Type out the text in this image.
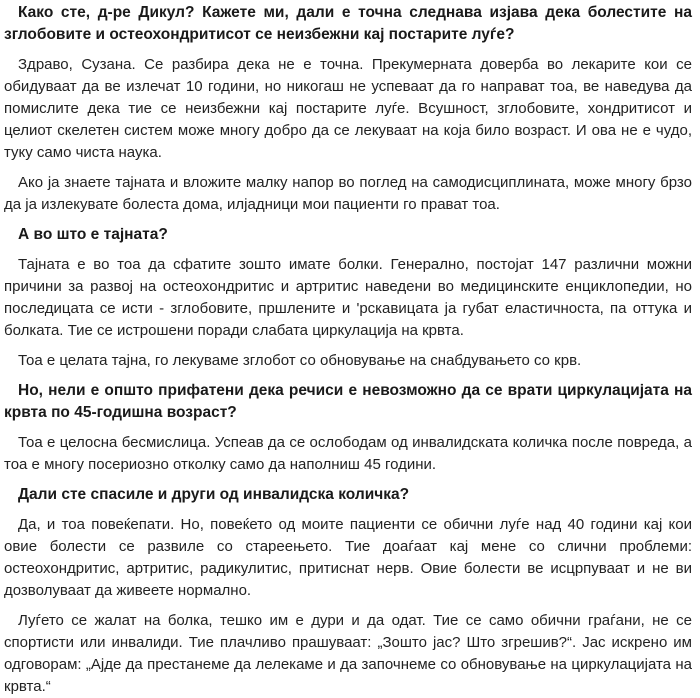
Како сте, д-ре Дикул? Кажете ми, дали е точна следнава изјава дека болестите на зглобовите и остеохондритисот се неизбежни кај постарите луѓе?
Здраво, Сузана. Се разбира дека не е точна. Прекумерната доверба во лекарите кои се обидуваат да ве излечат 10 години, но никогаш не успеваат да го направат тоа, ве наведува да помислите дека тие се неизбежни кај постарите луѓе. Всушност, зглобовите, хондритисот и целиот скелетен систем може многу добро да се лекуваат на која било возраст. И ова не е чудо, туку само чиста наука.
Ако ја знаете тајната и вложите малку напор во поглед на самодисциплината, може многу брзо да ја излекувате болеста дома, илјадници мои пациенти го прават тоа.
А во што е тајната?
Тајната е во тоа да сфатите зошто имате болки. Генерално, постојат 147 различни можни причини за развој на остеохондритис и артритис наведени во медицинските енциклопедии, но последицата се исти - зглобовите, пршлените и 'рскавицата ја губат еластичноста, па оттука и болката. Тие се истрошени поради слабата циркулација на крвта.
Тоа е целата тајна, го лекуваме зглобот со обновување на снабдувањето со крв.
Но, нели е општо прифатени дека речиси е невозможно да се врати циркулацијата на крвта по 45-годишна возраст?
Тоа е целосна бесмислица. Успеав да се ослободам од инвалидската количка после повреда, а тоа е многу посериозно отколку само да наполниш 45 години.
Дали сте спасиле и други од инвалидска количка?
Да, и тоа повеќепати. Но, повеќето од моите пациенти се обични луѓе над 40 години кај кои овие болести се развиле со стареењето. Тие доаѓаат кај мене со слични проблеми: остеохондритис, артритис, радикулитис, притиснат нерв. Овие болести ве исцрпуваат и не ви дозволуваат да живеете нормално.
Луѓето се жалат на болка, тешко им е дури и да одат. Тие се само обични граѓани, не се спортисти или инвалиди. Тие плачливо прашуваат: „Зошто јас? Што згрешив?“. Јас искрено им одговорам: „Ајде да престанеме да лелекаме и да започнеме со обновување на циркулацијата на крвта.“
